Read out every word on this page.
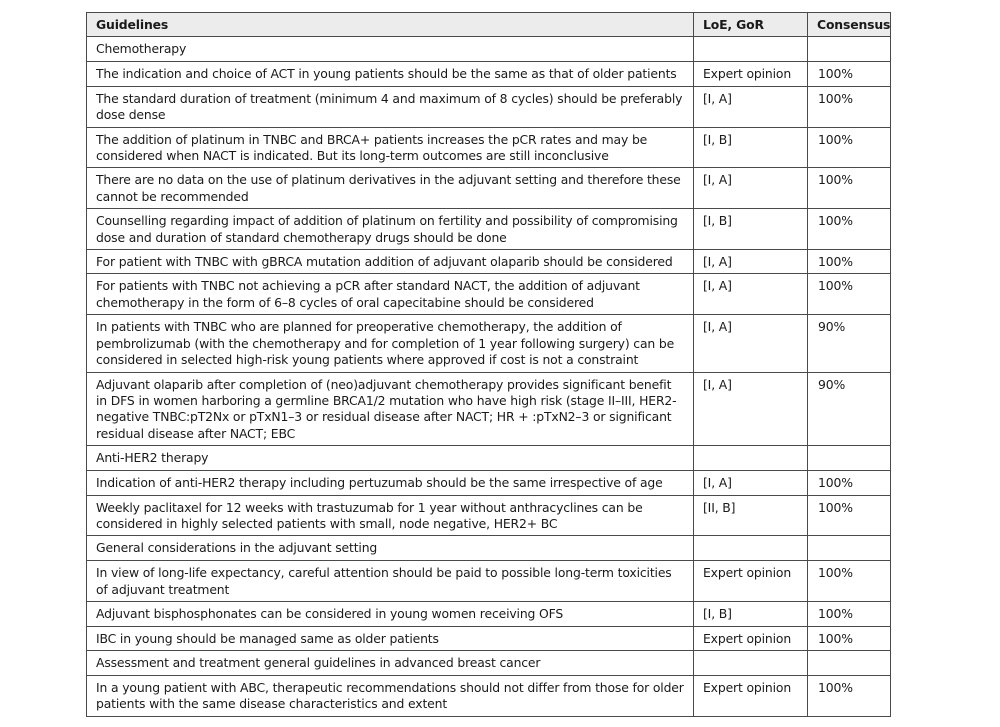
Guidelines	LoE, GoR	Consensus
Chemotherapy		
The indication and choice of ACT in young patients should be the same as that of older patients	Expert opinion	100%
The standard duration of treatment (minimum 4 and maximum of 8 cycles) should be preferably dose dense	[I, A]	100%
The addition of platinum in TNBC and BRCA+ patients increases the pCR rates and may be considered when NACT is indicated. But its long-term outcomes are still inconclusive	[I, B]	100%
There are no data on the use of platinum derivatives in the adjuvant setting and therefore these cannot be recommended	[I, A]	100%
Counselling regarding impact of addition of platinum on fertility and possibility of compromising dose and duration of standard chemotherapy drugs should be done	[I, B]	100%
For patient with TNBC with gBRCA mutation addition of adjuvant olaparib should be considered	[I, A]	100%
For patients with TNBC not achieving a pCR after standard NACT, the addition of adjuvant chemotherapy in the form of 6–8 cycles of oral capecitabine should be considered	[I, A]	100%
In patients with TNBC who are planned for preoperative chemotherapy, the addition of pembrolizumab (with the chemotherapy and for completion of 1 year following surgery) can be considered in selected high-risk young patients where approved if cost is not a constraint	[I, A]	90%
Adjuvant olaparib after completion of (neo)adjuvant chemotherapy provides significant benefit in DFS in women harboring a germline BRCA1/2 mutation who have high risk (stage II–III, HER2-negative TNBC:pT2Nx or pTxN1–3 or residual disease after NACT; HR + :pTxN2–3 or significant residual disease after NACT; EBC	[I, A]	90%
Anti-HER2 therapy		
Indication of anti-HER2 therapy including pertuzumab should be the same irrespective of age	[I, A]	100%
Weekly paclitaxel for 12 weeks with trastuzumab for 1 year without anthracyclines can be considered in highly selected patients with small, node negative, HER2+ BC	[II, B]	100%
General considerations in the adjuvant setting		
In view of long-life expectancy, careful attention should be paid to possible long-term toxicities of adjuvant treatment	Expert opinion	100%
Adjuvant bisphosphonates can be considered in young women receiving OFS	[I, B]	100%
IBC in young should be managed same as older patients	Expert opinion	100%
Assessment and treatment general guidelines in advanced breast cancer		
In a young patient with ABC, therapeutic recommendations should not differ from those for older patients with the same disease characteristics and extent	Expert opinion	100%
